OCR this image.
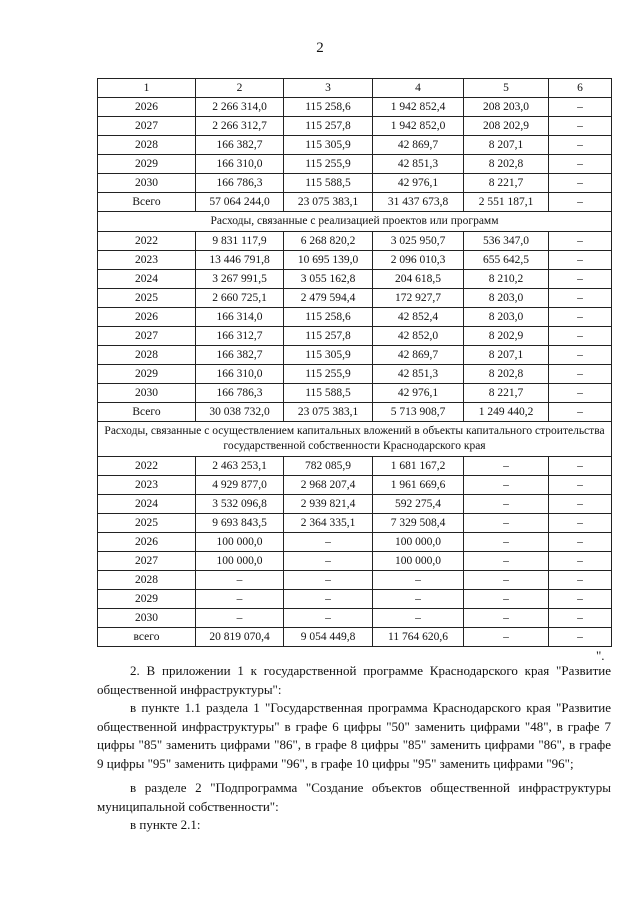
2
1	2	3	4	5	6
2026	2 266 314,0	115 258,6	1 942 852,4	208 203,0	–
2027	2 266 312,7	115 257,8	1 942 852,0	208 202,9	–
2028	166 382,7	115 305,9	42 869,7	8 207,1	–
2029	166 310,0	115 255,9	42 851,3	8 202,8	–
2030	166 786,3	115 588,5	42 976,1	8 221,7	–
Всего	57 064 244,0	23 075 383,1	31 437 673,8	2 551 187,1	–
Расходы, связанные с реализацией проектов или программ					
2022	9 831 117,9	6 268 820,2	3 025 950,7	536 347,0	–
2023	13 446 791,8	10 695 139,0	2 096 010,3	655 642,5	–
2024	3 267 991,5	3 055 162,8	204 618,5	8 210,2	–
2025	2 660 725,1	2 479 594,4	172 927,7	8 203,0	–
2026	166 314,0	115 258,6	42 852,4	8 203,0	–
2027	166 312,7	115 257,8	42 852,0	8 202,9	–
2028	166 382,7	115 305,9	42 869,7	8 207,1	–
2029	166 310,0	115 255,9	42 851,3	8 202,8	–
2030	166 786,3	115 588,5	42 976,1	8 221,7	–
Всего	30 038 732,0	23 075 383,1	5 713 908,7	1 249 440,2	–
Расходы, связанные с осуществлением капитальных вложений в объекты капитального строительства государственной собственности Краснодарского края					
2022	2 463 253,1	782 085,9	1 681 167,2	–	–
2023	4 929 877,0	2 968 207,4	1 961 669,6	–	–
2024	3 532 096,8	2 939 821,4	592 275,4	–	–
2025	9 693 843,5	2 364 335,1	7 329 508,4	–	–
2026	100 000,0	–	100 000,0	–	–
2027	100 000,0	–	100 000,0	–	–
2028	–	–	–	–	–
2029	–	–	–	–	–
2030	–	–	–	–	–
всего	20 819 070,4	9 054 449,8	11 764 620,6	–	–
".

2. В приложении 1 к государственной программе Краснодарского края "Развитие общественной инфраструктуры":

в пункте 1.1 раздела 1 "Государственная программа Краснодарского края "Развитие общественной инфраструктуры" в графе 6 цифры "50" заменить цифрами "48", в графе 7 цифры "85" заменить цифрами "86", в графе 8 цифры "85" заменить цифрами "86", в графе 9 цифры "95" заменить цифрами "96", в графе 10 цифры "95" заменить цифрами "96";

в разделе 2 "Подпрограмма "Создание объектов общественной инфраструктуры муниципальной собственности":

в пункте 2.1:
